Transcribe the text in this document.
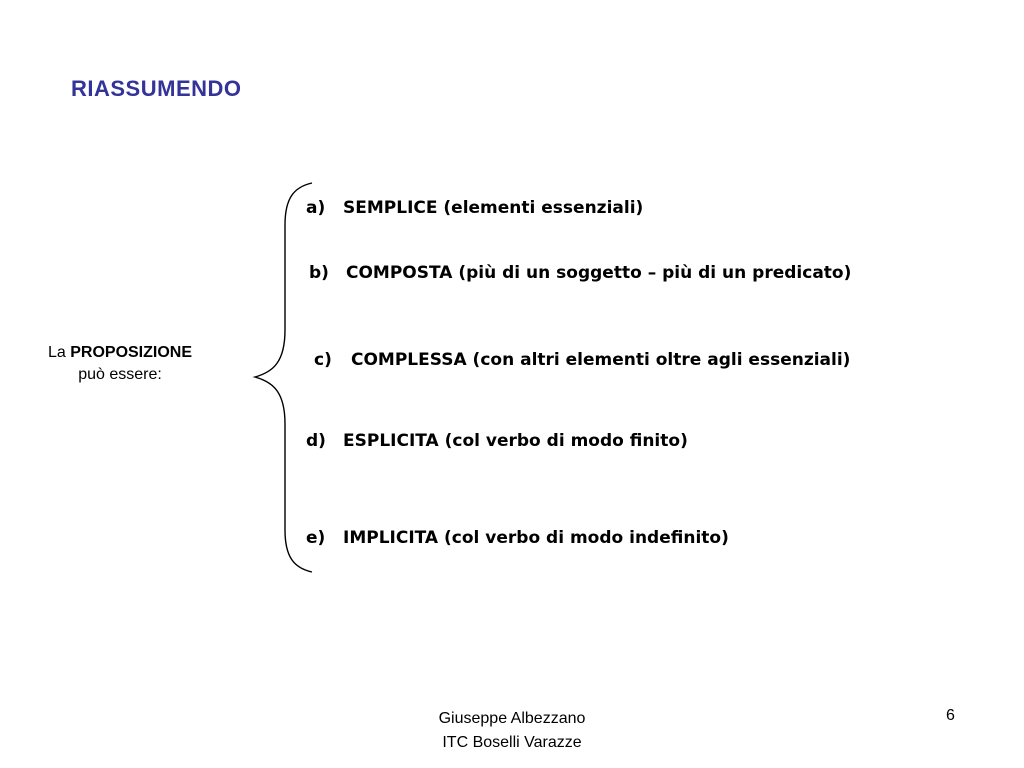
RIASSUMENDO
La PROPOSIZIONE
può essere:
a) SEMPLICE (elementi essenziali)
b) COMPOSTA (più di un soggetto – più di un predicato)
c) COMPLESSA (con altri elementi oltre agli essenziali)
d) ESPLICITA (col verbo di modo finito)
e) IMPLICITA (col verbo di modo indefinito)
Giuseppe Albezzano
ITC Boselli Varazze
6
